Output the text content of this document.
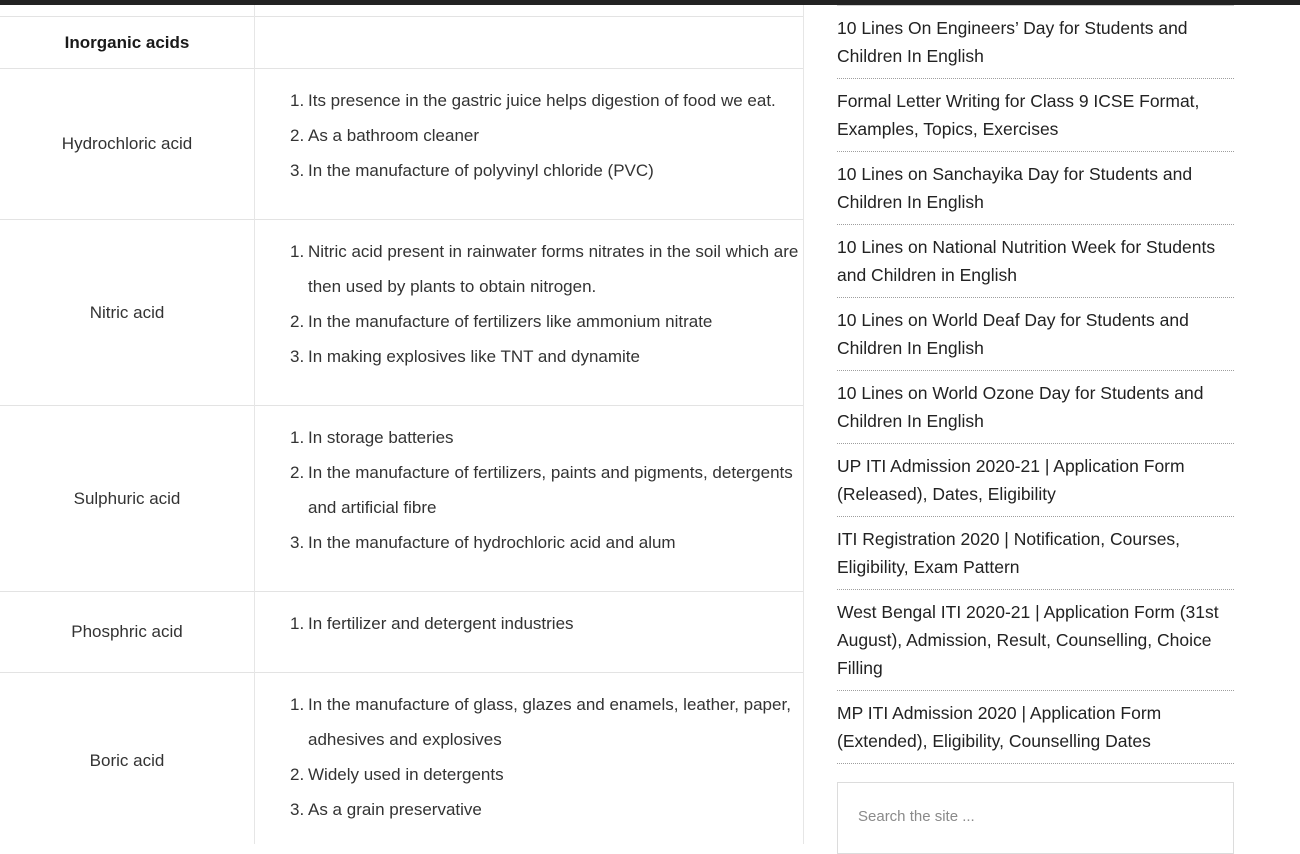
Inorganic acids
Hydrochloric acid
1. Its presence in the gastric juice helps digestion of food we eat.
2. As a bathroom cleaner
3. In the manufacture of polyvinyl chloride (PVC)
Nitric acid
1. Nitric acid present in rainwater forms nitrates in the soil which are then used by plants to obtain nitrogen.
2. In the manufacture of fertilizers like ammonium nitrate
3. In making explosives like TNT and dynamite
Sulphuric acid
1. In storage batteries
2. In the manufacture of fertilizers, paints and pigments, detergents and artificial fibre
3. In the manufacture of hydrochloric acid and alum
Phosphric acid	1. In fertilizer and detergent industries
Boric acid
1. In the manufacture of glass, glazes and enamels, leather, paper, adhesives and explosives
2. Widely used in detergents
3. As a grain preservative
10 Lines On Engineers’ Day for Students and Children In English
Formal Letter Writing for Class 9 ICSE Format, Examples, Topics, Exercises
10 Lines on Sanchayika Day for Students and Children In English
10 Lines on National Nutrition Week for Students and Children in English
10 Lines on World Deaf Day for Students and Children In English
10 Lines on World Ozone Day for Students and Children In English
UP ITI Admission 2020-21 | Application Form (Released), Dates, Eligibility
ITI Registration 2020 | Notification, Courses, Eligibility, Exam Pattern
West Bengal ITI 2020-21 | Application Form (31st August), Admission, Result, Counselling, Choice Filling
MP ITI Admission 2020 | Application Form (Extended), Eligibility, Counselling Dates
Search the site ...
